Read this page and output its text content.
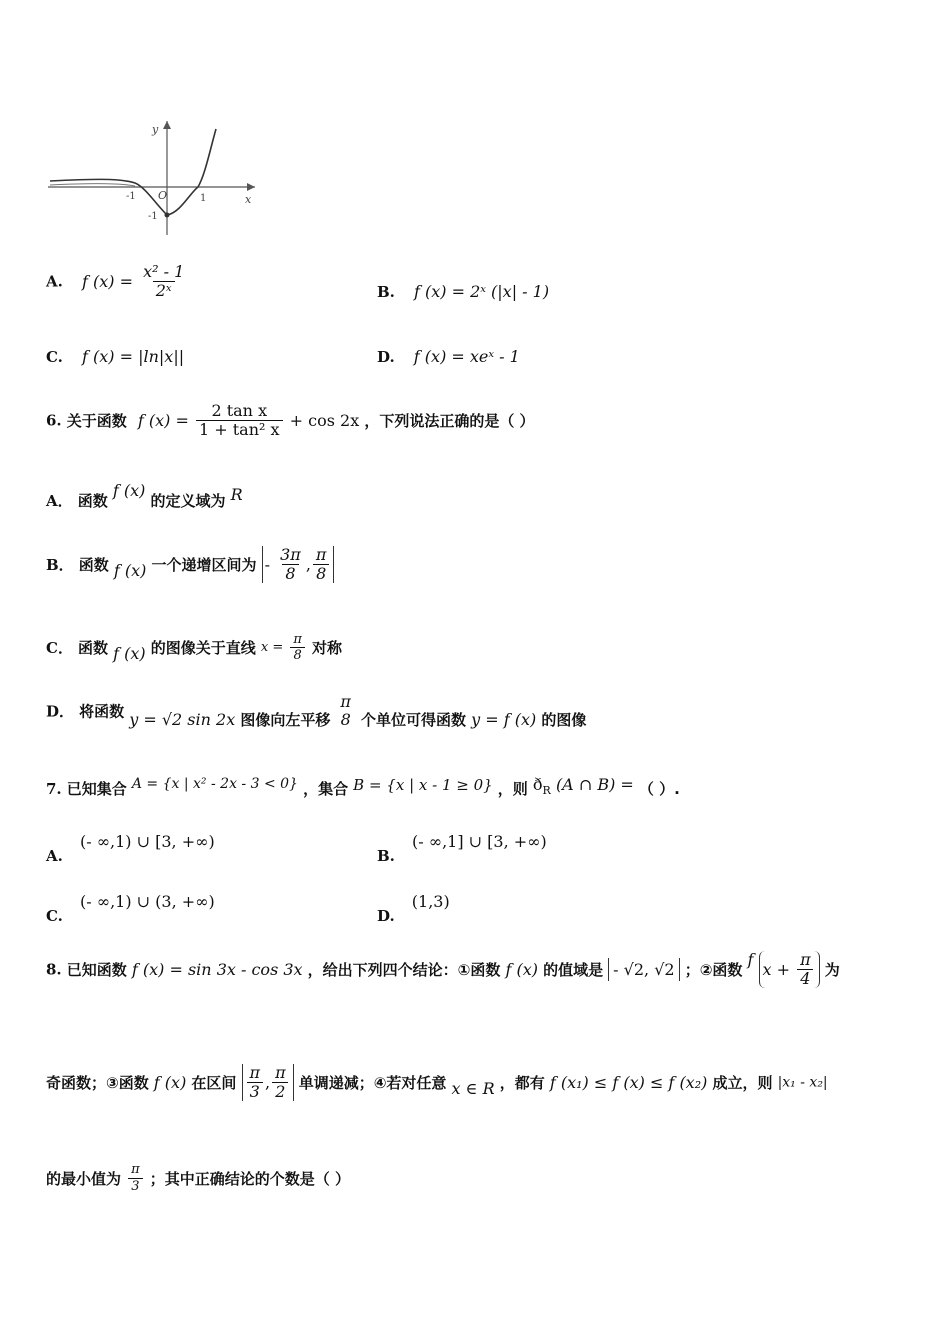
y
x
O
-1	1
-1
A. f $(x) = \frac{\text{x² - 1}}{\text{2ˣ}}$	B. f (x) = 2ˣ (|x| - 1)
C. f (x) = |ln|x||	D. f (x) = xeˣ - 1
6. 关于函数 f $(x) = \frac{\text{2 tan x}}{\text{1 + tan² x}} + \cos 2x$ ，下列说法正确的是（ ）
A． 函数 f (x) 的定义域为 R
B． 函数 f (x) 一个递增区间为 - $\frac{3\pi}{8}$ , $\frac{\pi}{8}$
C． 函数 f (x) 的图像关于直线 $x = \frac{\pi}{8}$ 对称
D． 将函数 y = √2 sin 2x 图像向左平移
π
8 个单位可得函数 y = f (x) 的图像
7. 已知集合 A = {x | x² - 2x - 3 < 0} ，集合 B = {x | x - 1 ≥ 0} ，则 ðR (A ∩ B) = （ ）.
A. (- ∞,1) ∪ [3, +∞)
B. (- ∞,1] ∪ [3, +∞)
C. (- ∞,1) ∪ (3, +∞)
D. (1,3)
8. 已知函数 f (x) = sin 3x - cos 3x ，给出下列四个结论：①函数 f (x) 的值域是 - √2, √2 ；②函数 f $x + \frac{\pi}{4}$ 为
奇函数；③函数 f (x) 在区间 $\frac{\pi}{3}$ , $\frac{\pi}{2}$ 单调递减；④若对任意 x ∈ R ，都有 f (x₁) ≤ f (x) ≤ f (x₂) 成立，则 |x₁ - x₂|
的最小值为 $\frac{\pi}{3}$ ；其中正确结论的个数是（ ）
